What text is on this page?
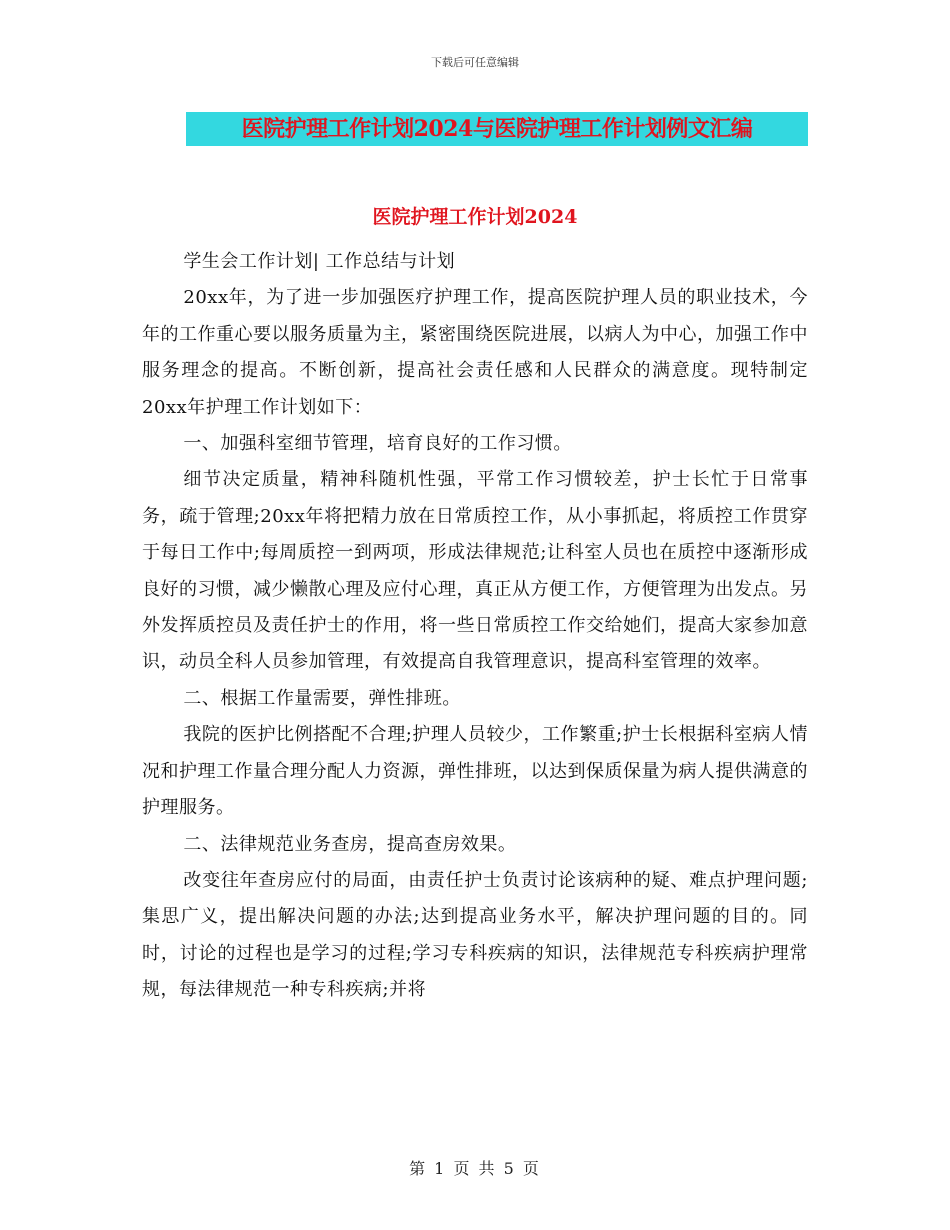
下载后可任意编辑
医院护理工作计划2024与医院护理工作计划例文汇编
医院护理工作计划2024

学生会工作计划| 工作总结与计划

20xx年，为了进一步加强医疗护理工作，提高医院护理人员的职业技术，今年的工作重心要以服务质量为主，紧密围绕医院进展，以病人为中心，加强工作中服务理念的提高。不断创新，提高社会责任感和人民群众的满意度。现特制定20xx年护理工作计划如下：

一、加强科室细节管理，培育良好的工作习惯。

细节决定质量，精神科随机性强，平常工作习惯较差，护士长忙于日常事务，疏于管理;20xx年将把精力放在日常质控工作，从小事抓起，将质控工作贯穿于每日工作中;每周质控一到两项，形成法律规范;让科室人员也在质控中逐渐形成良好的习惯，减少懒散心理及应付心理，真正从方便工作，方便管理为出发点。另外发挥质控员及责任护士的作用，将一些日常质控工作交给她们，提高大家参加意识，动员全科人员参加管理，有效提高自我管理意识，提高科室管理的效率。

二、根据工作量需要，弹性排班。

我院的医护比例搭配不合理;护理人员较少，工作繁重;护士长根据科室病人情况和护理工作量合理分配人力资源，弹性排班，以达到保质保量为病人提供满意的护理服务。

二、法律规范业务查房，提高查房效果。

改变往年查房应付的局面，由责任护士负责讨论该病种的疑、难点护理问题;集思广义，提出解决问题的办法;达到提高业务水平，解决护理问题的目的。同时，讨论的过程也是学习的过程;学习专科疾病的知识，法律规范专科疾病护理常规，每法律规范一种专科疾病;并将

第 1 页 共 5 页
